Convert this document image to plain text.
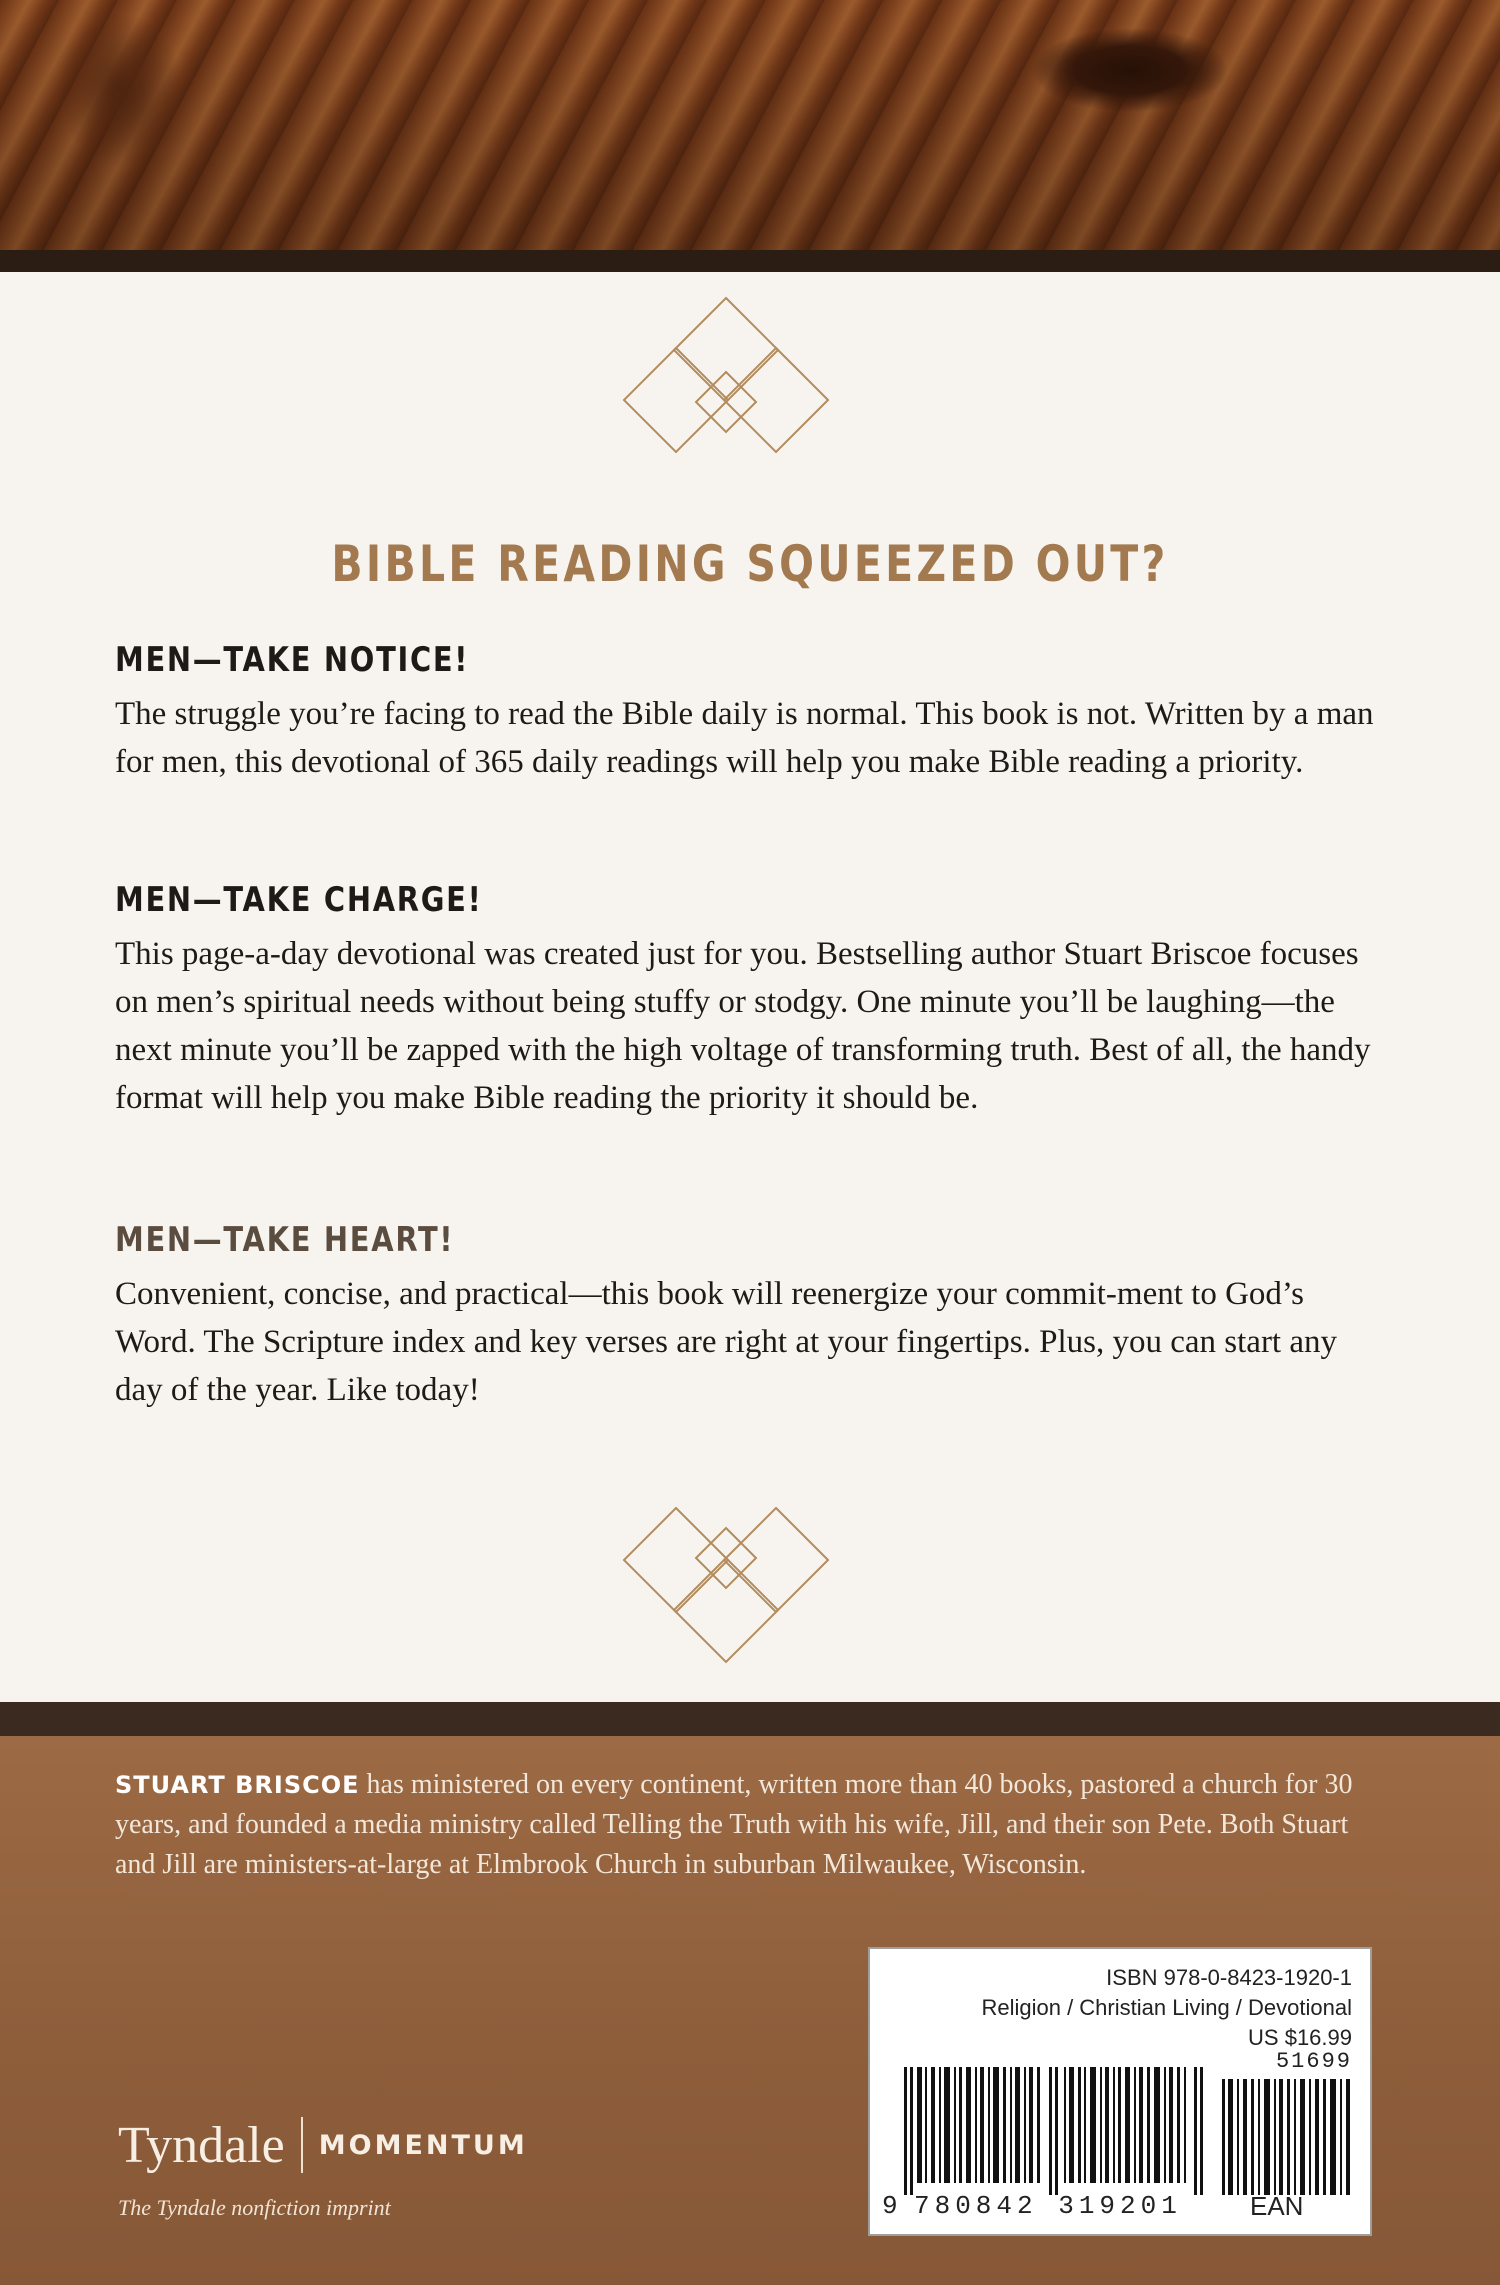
BIBLE READING SQUEEZED OUT?
MEN—TAKE NOTICE!

The struggle you’re facing to read the Bible daily is normal. This book is not. Written by a man for men, this devotional of 365 daily readings will help you make Bible reading a priority.

MEN—TAKE CHARGE!

This page-a-day devotional was created just for you. Bestselling author Stuart Briscoe focuses on men’s spiritual needs without being stuffy or stodgy. One minute you’ll be laughing—the next minute you’ll be zapped with the high voltage of transforming truth. Best of all, the handy format will help you make Bible reading the priority it should be.

MEN—TAKE HEART!

Convenient, concise, and practical—this book will reenergize your commit-ment to God’s Word. The Scripture index and key verses are right at your fingertips. Plus, you can start any day of the year. Like today!

STUART BRISCOE has ministered on every continent, written more than 40 books, pastored a church for 30 years, and founded a media ministry called Telling the Truth with his wife, Jill, and their son Pete. Both Stuart and Jill are ministers-at-large at Elmbrook Church in suburban Milwaukee, Wisconsin.

ISBN 978-0-8423-1920-1
Religion / Christian Living / Devotional
US $16.99
51699
9 780842 319201	EAN
Tyndale MOMENTUM
The Tyndale nonfiction imprint
